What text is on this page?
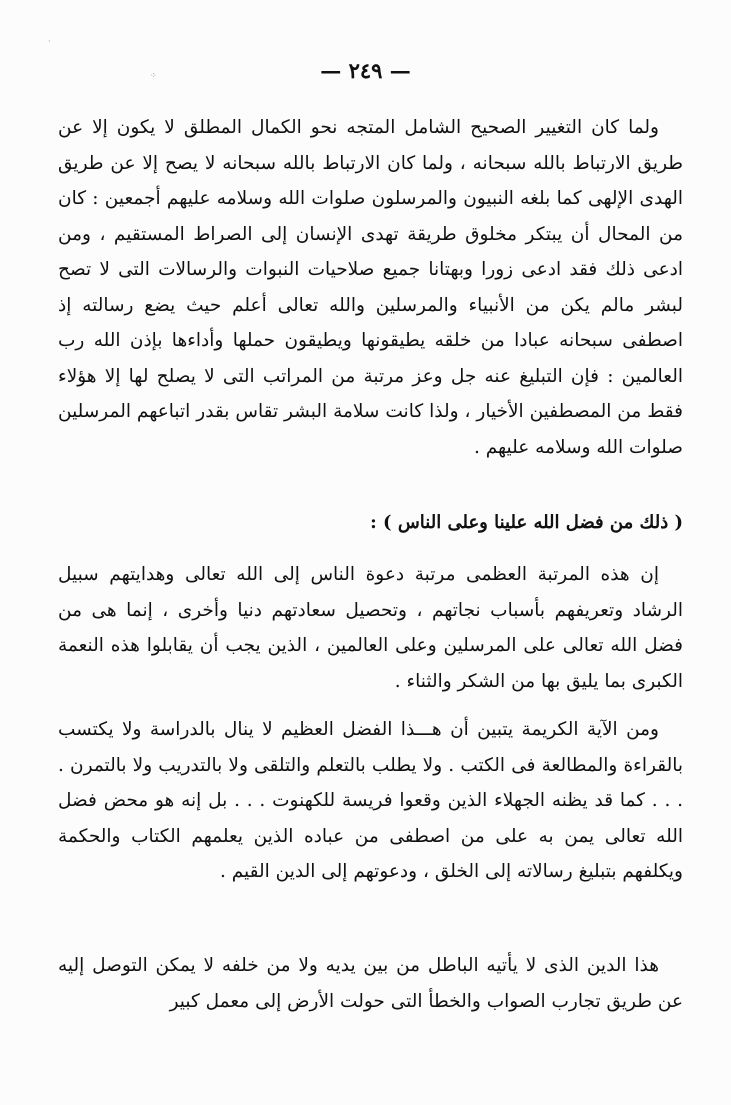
·
⁘	— ٢٤٩ —

ولما كان التغيير الصحيح الشامل المتجه نحو الكمال المطلق لا يكون إلا عن طريق الارتباط بالله سبحانه ، ولما كان الارتباط بالله سبحانه لا يصح إلا عن طريق الهدى الإلهى كما بلغه النبيون والمرسلون صلوات الله وسلامه عليهم أجمعين : كان من المحال أن يبتكر مخلوق طريقة تهدى الإنسان إلى الصراط المستقيم ، ومن ادعى ذلك فقد ادعى زورا وبهتانا جميع صلاحيات النبوات والرسالات التى لا تصح لبشر مالم يكن من الأنبياء والمرسلين والله تعالى أعلم حيث يضع رسالته إذ اصطفى سبحانه عبادا من خلقه يطيقونها ويطيقون حملها وأداءها بإذن الله رب العالمين : فإن التبليغ عنه جل وعز مرتبة من المراتب التى لا يصلح لها إلا هؤلاء فقط من المصطفين الأخيار ، ولذا كانت سلامة البشر تقاس بقدر اتباعهم المرسلين صلوات الله وسلامه عليهم .

( ذلك من فضل الله علينا وعلى الناس ) :

إن هذه المرتبة العظمى مرتبة دعوة الناس إلى الله تعالى وهدايتهم سبيل الرشاد وتعريفهم بأسباب نجاتهم ، وتحصيل سعادتهم دنيا وأخرى ، إنما هى من فضل الله تعالى على المرسلين وعلى العالمين ، الذين يجب أن يقابلوا هذه النعمة الكبرى بما يليق بها من الشكر والثناء .

ومن الآية الكريمة يتبين أن هـــذا الفضل العظيم لا ينال بالدراسة ولا يكتسب بالقراءة والمطالعة فى الكتب . ولا يطلب بالتعلم والتلقى ولا بالتدريب ولا بالتمرن . . . . كما قد يظنه الجهلاء الذين وقعوا فريسة للكهنوت . . . بل إنه هو محض فضل الله تعالى يمن به على من اصطفى من عباده الذين يعلمهم الكتاب والحكمة ويكلفهم بتبليغ رسالاته إلى الخلق ، ودعوتهم إلى الدين القيم .

هذا الدين الذى لا يأتيه الباطل من بين يديه ولا من خلفه لا يمكن التوصل إليه عن طريق تجارب الصواب والخطأ التى حولت الأرض إلى معمل كبير
